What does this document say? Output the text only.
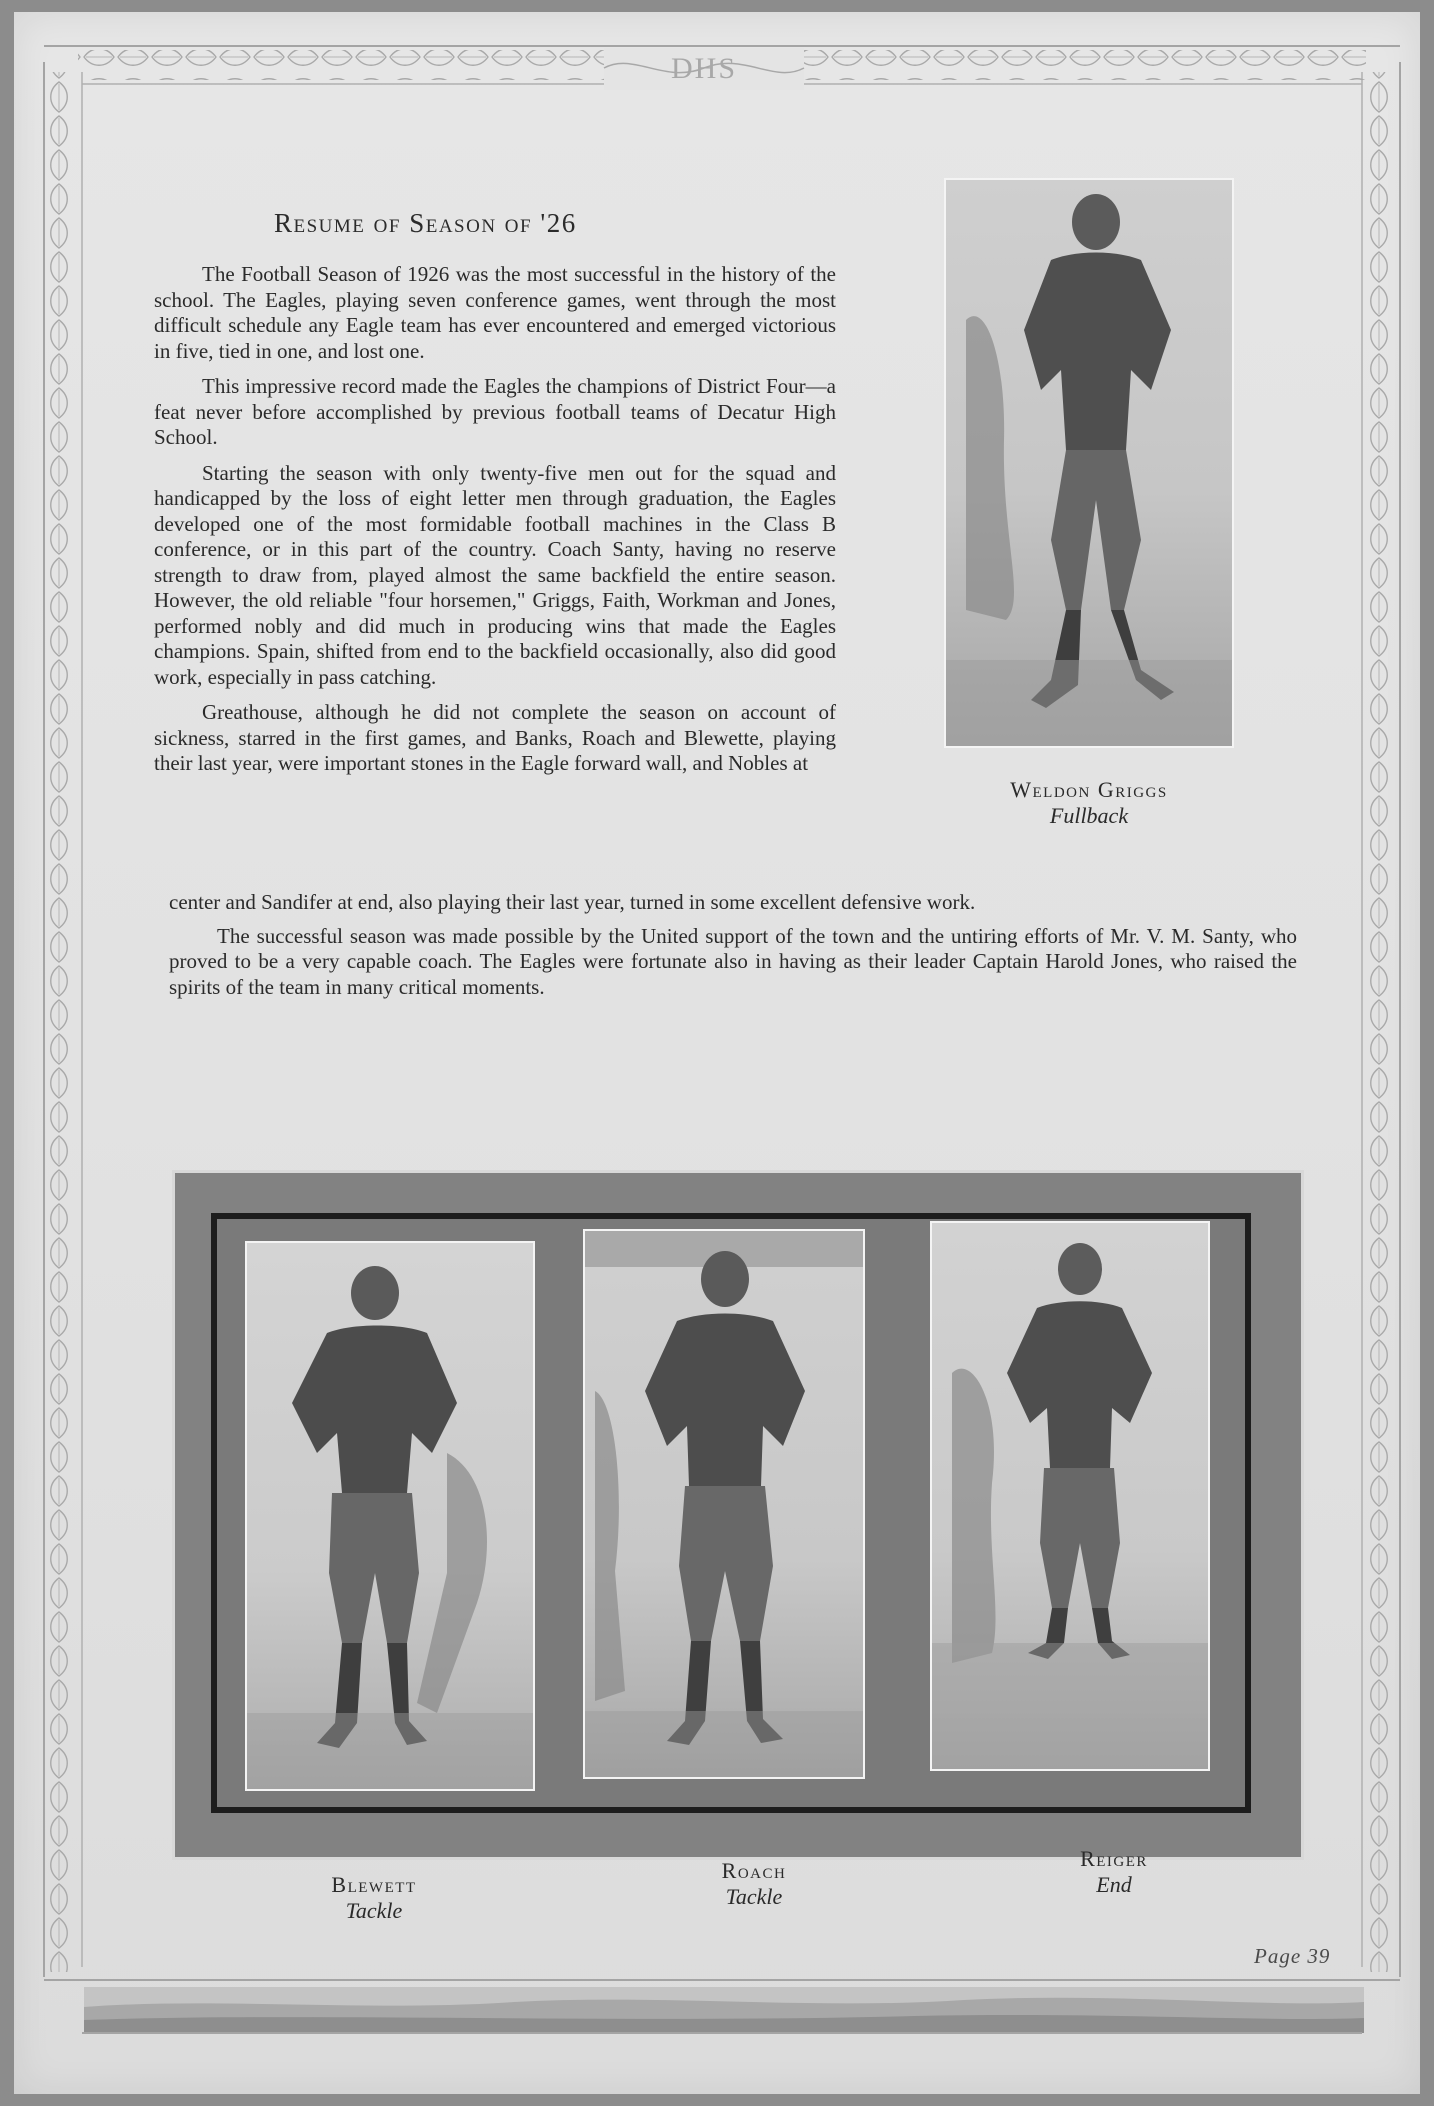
DHS
Resume of Season of '26

The Football Season of 1926 was the most successful in the history of the school. The Eagles, playing seven conference games, went through the most difficult schedule any Eagle team has ever encountered and emerged victorious in five, tied in one, and lost one.

This impressive record made the Eagles the champions of District Four—a feat never before accomplished by previous football teams of Decatur High School.

Starting the season with only twenty-five men out for the squad and handicapped by the loss of eight letter men through graduation, the Eagles developed one of the most formidable football machines in the Class B conference, or in this part of the country. Coach Santy, having no reserve strength to draw from, played almost the same backfield the entire season. However, the old reliable "four horsemen," Griggs, Faith, Workman and Jones, performed nobly and did much in producing wins that made the Eagles champions. Spain, shifted from end to the backfield occasionally, also did good work, especially in pass catching.

Greathouse, although he did not complete the season on account of sickness, starred in the first games, and Banks, Roach and Blewette, playing their last year, were important stones in the Eagle forward wall, and Nobles at

center and Sandifer at end, also playing their last year, turned in some excellent defensive work.

The successful season was made possible by the United support of the town and the untiring efforts of Mr. V. M. Santy, who proved to be a very capable coach. The Eagles were fortunate also in having as their leader Captain Harold Jones, who raised the spirits of the team in many critical moments.

Weldon Griggs
Fullback
Blewett
Tackle
Roach
Tackle
Reiger
End
Page 39
